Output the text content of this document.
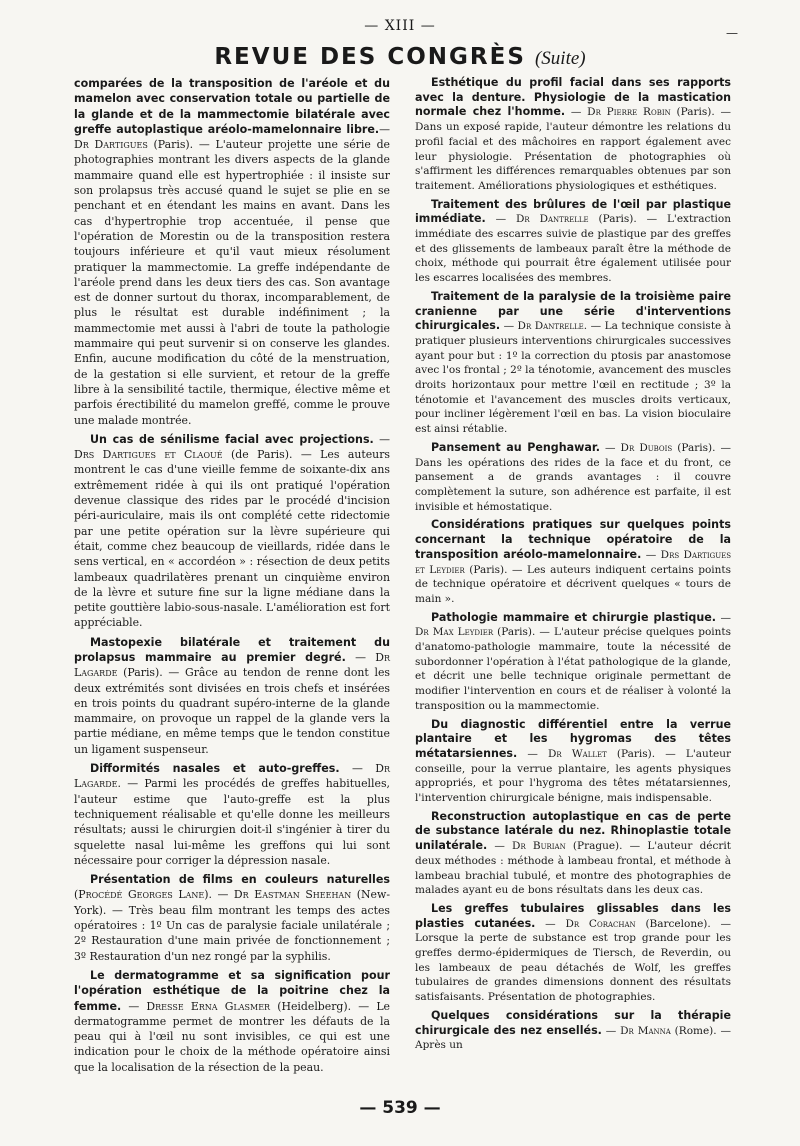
— XIII —	—
REVUE DES CONGRÈS (Suite)

comparées de la transposition de l'aréole et du mamelon avec conservation totale ou partielle de la glande et de la mammectomie bilatérale avec greffe autoplastique aréolo-mamelonnaire libre.— Dr Dartigues (Paris). — L'auteur projette une série de photographies montrant les divers aspects de la glande mammaire quand elle est hypertrophiée : il insiste sur son prolapsus très accusé quand le sujet se plie en se penchant et en étendant les mains en avant. Dans les cas d'hypertrophie trop accentuée, il pense que l'opération de Morestin ou de la transposition restera toujours inférieure et qu'il vaut mieux résolument pratiquer la mammectomie. La greffe indépendante de l'aréole prend dans les deux tiers des cas. Son avantage est de donner surtout du thorax, incomparablement, de plus le résultat est durable indéfiniment ; la mammectomie met aussi à l'abri de toute la pathologie mammaire qui peut survenir si on conserve les glandes. Enfin, aucune modification du côté de la menstruation, de la gestation si elle survient, et retour de la greffe libre à la sensibilité tactile, thermique, élective même et parfois érectibilité du mamelon greffé, comme le prouve une malade montrée.

Un cas de sénilisme facial avec projections. — Drs Dartigues et Claoué (de Paris). — Les auteurs montrent le cas d'une vieille femme de soixante-dix ans extrêmement ridée à qui ils ont pratiqué l'opération devenue classique des rides par le procédé d'incision péri-auriculaire, mais ils ont complété cette ridectomie par une petite opération sur la lèvre supérieure qui était, comme chez beaucoup de vieillards, ridée dans le sens vertical, en « accordéon » : résection de deux petits lambeaux quadrilatères prenant un cinquième environ de la lèvre et suture fine sur la ligne médiane dans la petite gouttière labio-sous-nasale. L'amélioration est fort appréciable.

Mastopexie bilatérale et traitement du prolapsus mammaire au premier degré. — Dr Lagarde (Paris). — Grâce au tendon de renne dont les deux extrémités sont divisées en trois chefs et insérées en trois points du quadrant supéro-interne de la glande mammaire, on provoque un rappel de la glande vers la partie médiane, en même temps que le tendon constitue un ligament suspenseur.

Difformités nasales et auto-greffes. — Dr Lagarde. — Parmi les procédés de greffes habituelles, l'auteur estime que l'auto-greffe est la plus techniquement réalisable et qu'elle donne les meilleurs résultats; aussi le chirurgien doit-il s'ingénier à tirer du squelette nasal lui-même les greffons qui lui sont nécessaire pour corriger la dépression nasale.

Présentation de films en couleurs naturelles (Procédé Georges Lane). — Dr Eastman Sheehan (New-York). — Très beau film montrant les temps des actes opératoires : 1º Un cas de paralysie faciale unilatérale ; 2º Restauration d'une main privée de fonctionnement ; 3º Restauration d'un nez rongé par la syphilis.

Le dermatogramme et sa signification pour l'opération esthétique de la poitrine chez la femme. — Dresse Erna Glasmer (Heidelberg). — Le dermatogramme permet de montrer les défauts de la peau qui à l'œil nu sont invisibles, ce qui est une indication pour le choix de la méthode opératoire ainsi que la localisation de la résection de la peau.

Esthétique du profil facial dans ses rapports avec la denture. Physiologie de la mastication normale chez l'homme. — Dr Pierre Robin (Paris). — Dans un exposé rapide, l'auteur démontre les relations du profil facial et des mâchoires en rapport également avec leur physiologie. Présentation de photographies où s'affirment les différences remarquables obtenues par son traitement. Améliorations physiologiques et esthétiques.

Traitement des brûlures de l'œil par plastique immédiate. — Dr Dantrelle (Paris). — L'extraction immédiate des escarres suivie de plastique par des greffes et des glissements de lambeaux paraît être la méthode de choix, méthode qui pourrait être également utilisée pour les escarres localisées des membres.

Traitement de la paralysie de la troisième paire cranienne par une série d'interventions chirurgicales. — Dr Dantrelle. — La technique consiste à pratiquer plusieurs interventions chirurgicales successives ayant pour but : 1º la correction du ptosis par anastomose avec l'os frontal ; 2º la ténotomie, avancement des muscles droits horizontaux pour mettre l'œil en rectitude ; 3º la ténotomie et l'avancement des muscles droits verticaux, pour incliner légèrement l'œil en bas. La vision bioculaire est ainsi rétablie.

Pansement au Penghawar. — Dr Dubois (Paris). — Dans les opérations des rides de la face et du front, ce pansement a de grands avantages : il couvre complètement la suture, son adhérence est parfaite, il est invisible et hémostatique.

Considérations pratiques sur quelques points concernant la technique opératoire de la transposition aréolo-mamelonnaire. — Drs Dartigues et Leydier (Paris). — Les auteurs indiquent certains points de technique opératoire et décrivent quelques « tours de main ».

Pathologie mammaire et chirurgie plastique. — Dr Max Leydier (Paris). — L'auteur précise quelques points d'anatomo-pathologie mammaire, toute la nécessité de subordonner l'opération à l'état pathologique de la glande, et décrit une belle technique originale permettant de modifier l'intervention en cours et de réaliser à volonté la transposition ou la mammectomie.

Du diagnostic différentiel entre la verrue plantaire et les hygromas des têtes métatarsiennes. — Dr Wallet (Paris). — L'auteur conseille, pour la verrue plantaire, les agents physiques appropriés, et pour l'hygroma des têtes métatarsiennes, l'intervention chirurgicale bénigne, mais indispensable.

Reconstruction autoplastique en cas de perte de substance latérale du nez. Rhinoplastie totale unilatérale. — Dr Burian (Prague). — L'auteur décrit deux méthodes : méthode à lambeau frontal, et méthode à lambeau brachial tubulé, et montre des photographies de malades ayant eu de bons résultats dans les deux cas.

Les greffes tubulaires glissables dans les plasties cutanées. — Dr Corachan (Barcelone). — Lorsque la perte de substance est trop grande pour les greffes dermo-épidermiques de Tiersch, de Reverdin, ou les lambeaux de peau détachés de Wolf, les greffes tubulaires de grandes dimensions donnent des résultats satisfaisants. Présentation de photographies.

Quelques considérations sur la thérapie chirurgicale des nez ensellés. — Dr Manna (Rome). — Après un

— 539 —
